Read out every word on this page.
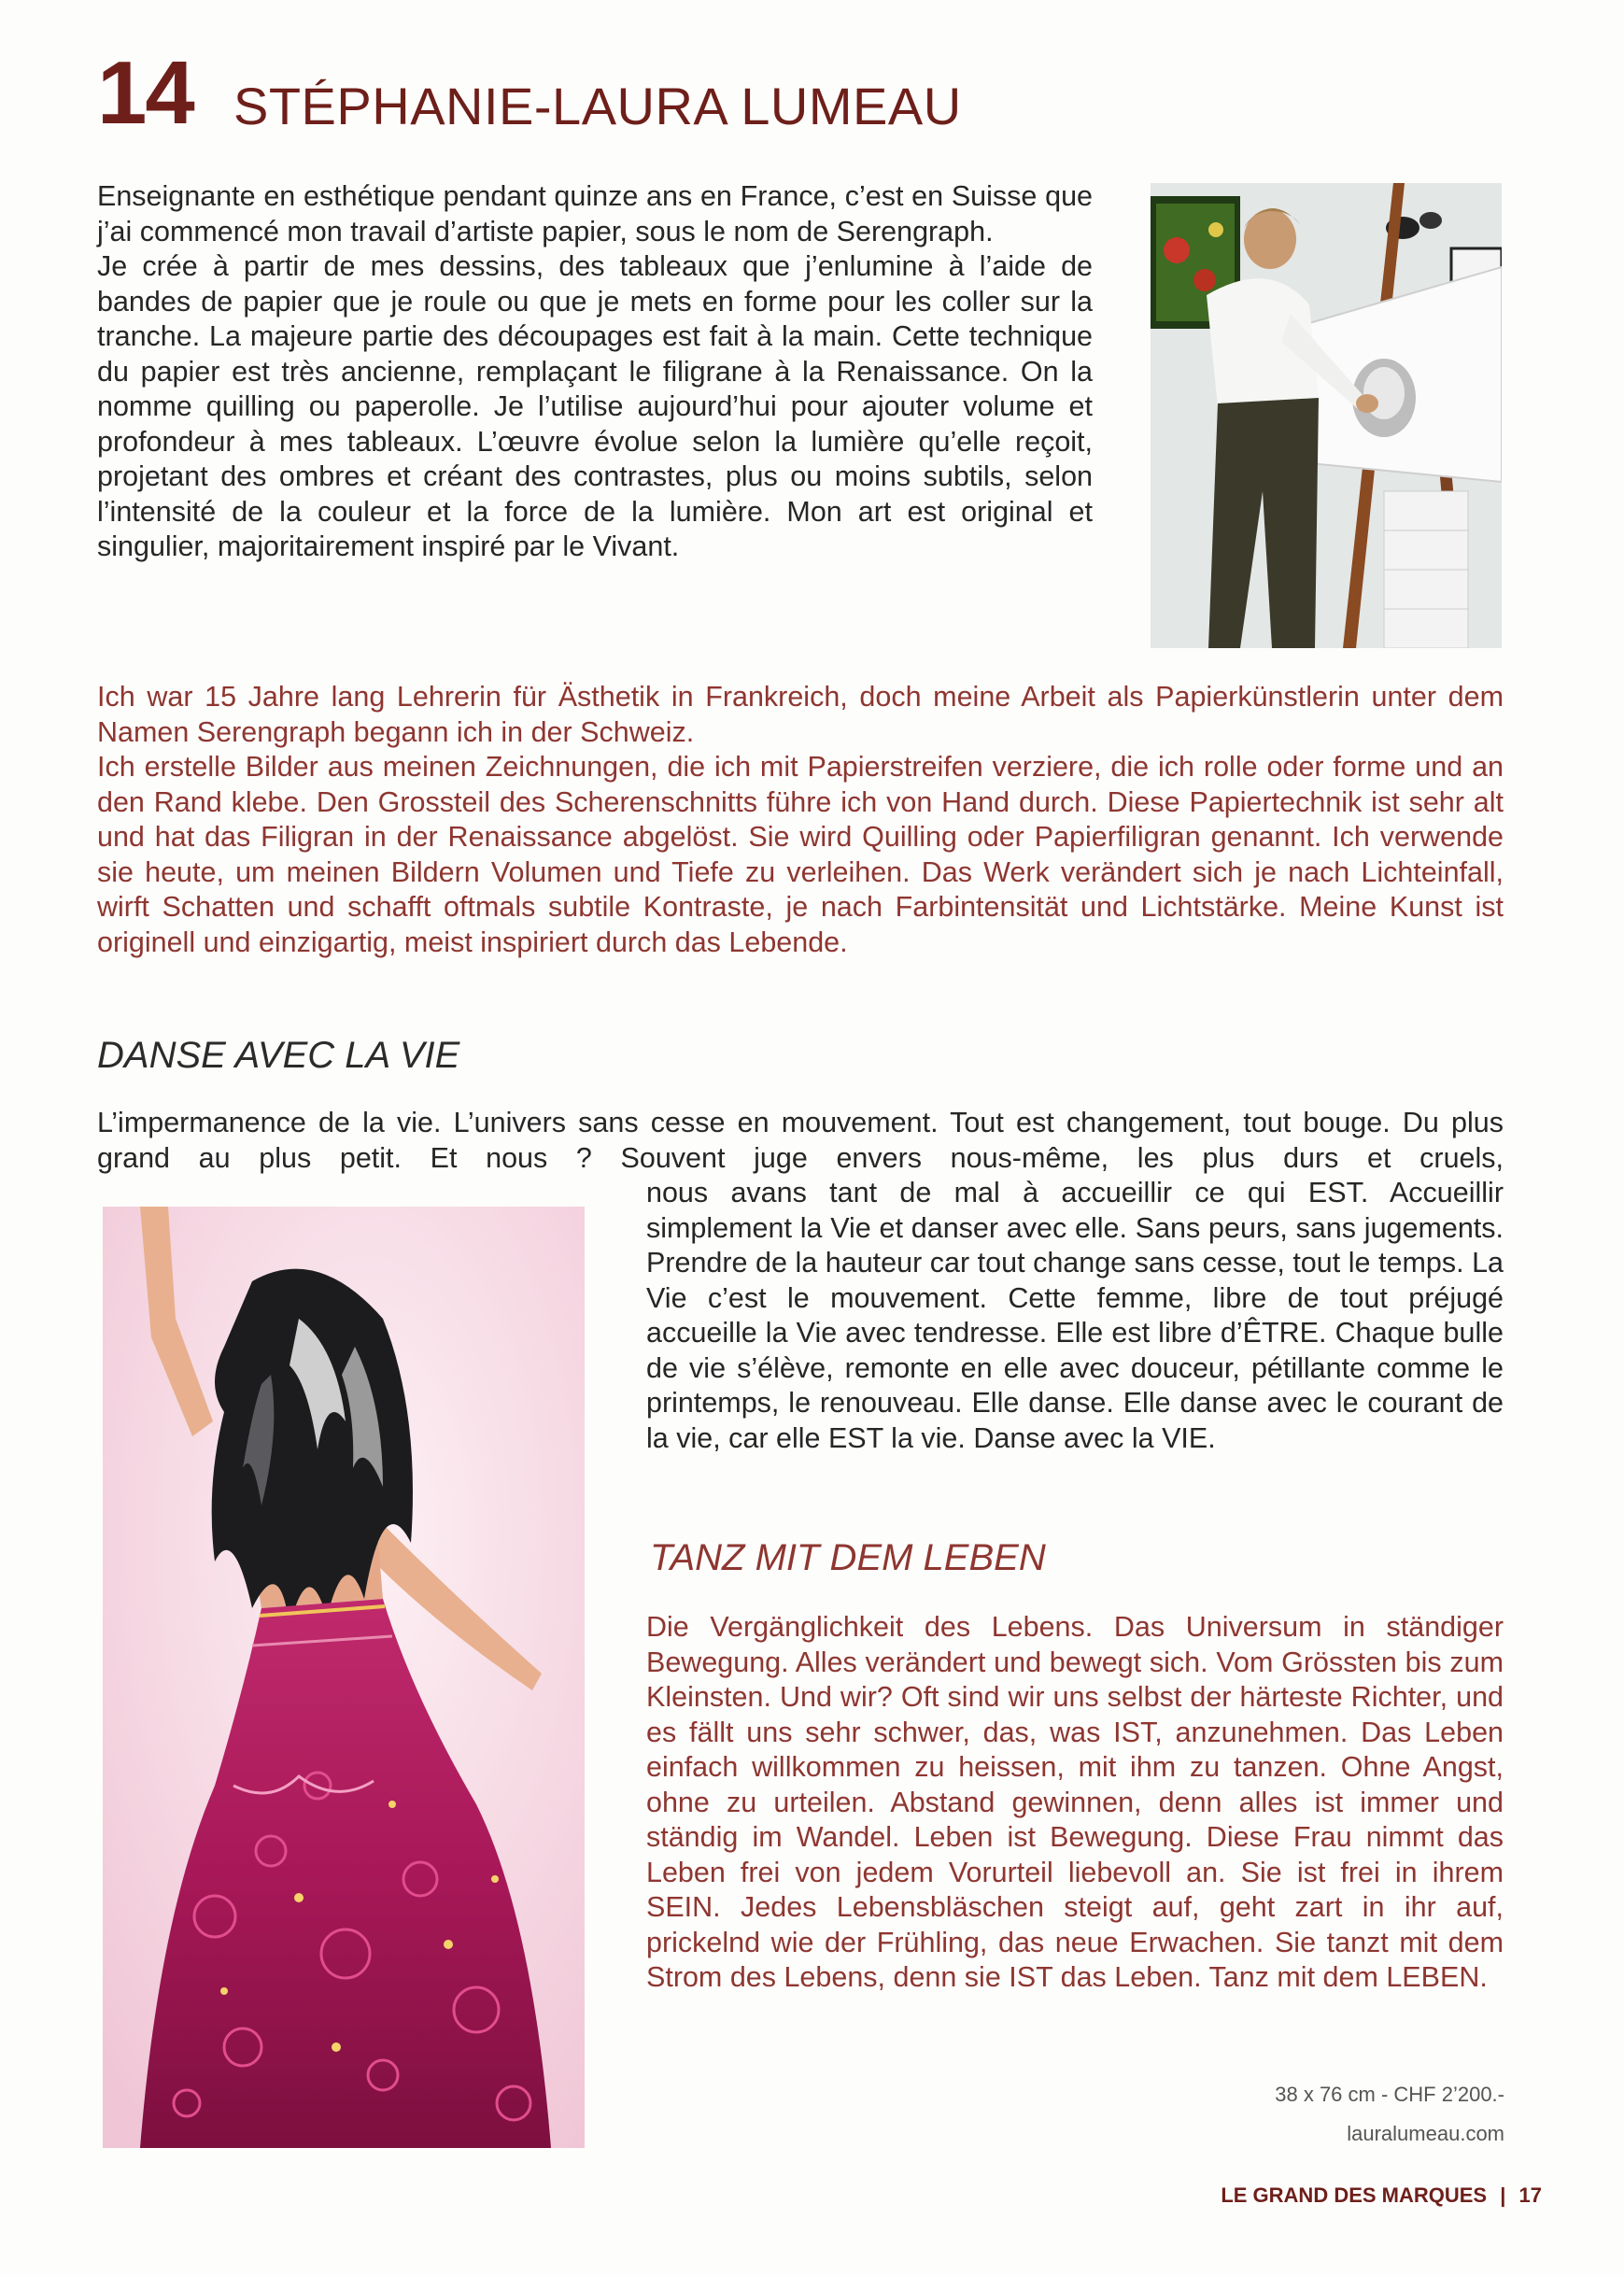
14 STÉPHANIE-LAURA LUMEAU

Enseignante en esthétique pendant quinze ans en France, c’est en Suisse que j’ai commencé mon travail d’artiste papier, sous le nom de Serengraph.

Je crée à partir de mes dessins, des tableaux que j’enlumine à l’aide de bandes de papier que je roule ou que je mets en forme pour les coller sur la tranche. La majeure partie des découpages est fait à la main. Cette technique du papier est très ancienne, remplaçant le filigrane à la Renaissance. On la nomme quilling ou paperolle. Je l’utilise aujourd’hui pour ajouter volume et profondeur à mes tableaux. L’œuvre évolue selon la lumière qu’elle reçoit, projetant des ombres et créant des contrastes, plus ou moins subtils, selon l’intensité de la couleur et la force de la lumière. Mon art est original et singulier, majoritairement inspiré par le Vivant.

Ich war 15 Jahre lang Lehrerin für Ästhetik in Frankreich, doch meine Arbeit als Papierkünstlerin unter dem Namen Serengraph begann ich in der Schweiz.

Ich erstelle Bilder aus meinen Zeichnungen, die ich mit Papierstreifen verziere, die ich rolle oder forme und an den Rand klebe. Den Grossteil des Scherenschnitts führe ich von Hand durch. Diese Papiertechnik ist sehr alt und hat das Filigran in der Renaissance abgelöst. Sie wird Quilling oder Papierfiligran genannt. Ich verwende sie heute, um meinen Bildern Volumen und Tiefe zu verleihen. Das Werk verändert sich je nach Lichteinfall, wirft Schatten und schafft oftmals subtile Kontraste, je nach Farbintensität und Lichtstärke. Meine Kunst ist originell und einzigartig, meist inspiriert durch das Lebende.

DANSE AVEC LA VIE

L’impermanence de la vie. L’univers sans cesse en mouvement. Tout est changement, tout bouge. Du plus grand au plus petit. Et nous ? Souvent juge envers nous-même, les plus durs et cruels,

nous avans tant de mal à accueillir ce qui EST. Accueillir simplement la Vie et danser avec elle. Sans peurs, sans jugements. Prendre de la hauteur car tout change sans cesse, tout le temps. La Vie c’est le mouvement. Cette femme, libre de tout préjugé accueille la Vie avec tendresse. Elle est libre d’ÊTRE. Chaque bulle de vie s’élève, remonte en elle avec douceur, pétillante comme le printemps, le renouveau. Elle danse. Elle danse avec le courant de la vie, car elle EST la vie. Danse avec la VIE.

TANZ MIT DEM LEBEN

Die Vergänglichkeit des Lebens. Das Universum in ständiger Bewegung. Alles verändert und bewegt sich. Vom Grössten bis zum Kleinsten. Und wir? Oft sind wir uns selbst der härteste Richter, und es fällt uns sehr schwer, das, was IST, anzunehmen. Das Leben einfach willkommen zu heissen, mit ihm zu tanzen. Ohne Angst, ohne zu urteilen. Abstand gewinnen, denn alles ist immer und ständig im Wandel. Leben ist Bewegung. Diese Frau nimmt das Leben frei von jedem Vorurteil liebevoll an. Sie ist frei in ihrem SEIN. Jedes Lebensbläschen steigt auf, geht zart in ihr auf, prickelnd wie der Frühling, das neue Erwachen. Sie tanzt mit dem Strom des Lebens, denn sie IST das Leben. Tanz mit dem LEBEN.

38 x 76 cm - CHF 2’200.-
lauralumeau.com
LE GRAND DES MARQUES | 17
